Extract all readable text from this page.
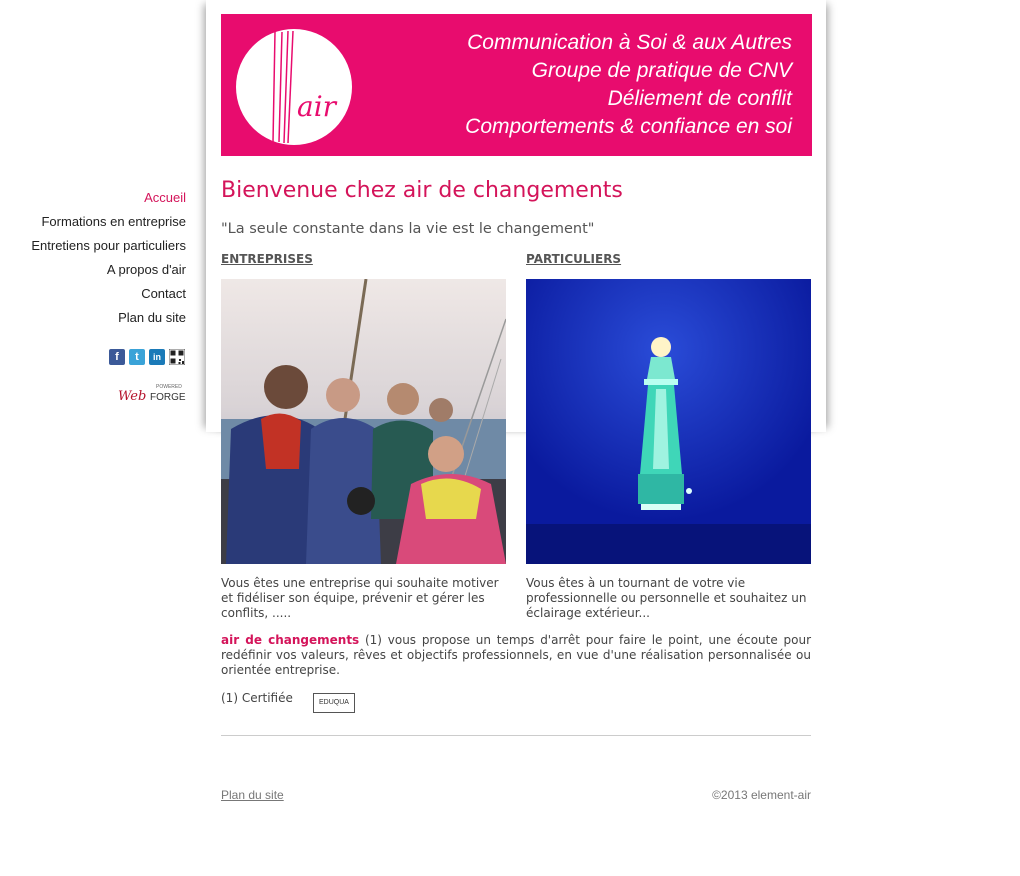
air
Communication à Soi & aux Autres
Groupe de pratique de CNV
Déliement de conflit
Comportements & confiance en soi
Accueil
Formations en entreprise
Entretiens pour particuliers
A propos d'air
Contact
Plan du site
f	t	in
POWERED
Web FORGE
Bienvenue chez air de changements
"La seule constante dans la vie est le changement"
ENTREPRISES	PARTICULIERS
Vous êtes une entreprise qui souhaite motiver et fidéliser son équipe, prévenir et gérer les conflits, .....
Vous êtes à un tournant de votre vie professionnelle ou personnelle et souhaitez un éclairage extérieur...
air de changements (1) vous propose un temps d'arrêt pour faire le point, une écoute pour redéfinir vos valeurs, rêves et objectifs professionnels, en vue d'une réalisation personnalisée ou orientée entreprise.
(1) Certifiée	EDUQUA
Plan du site	©2013 element-air
